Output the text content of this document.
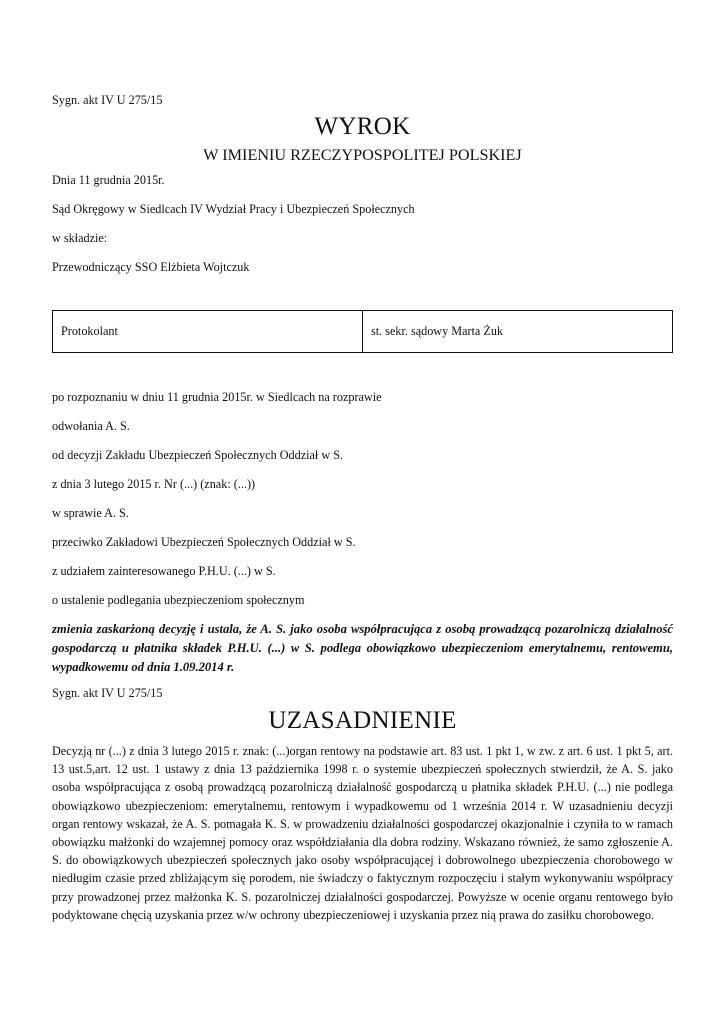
Sygn. akt IV U 275/15
WYROK
W IMIENIU RZECZYPOSPOLITEJ POLSKIEJ
Dnia 11 grudnia 2015r.
Sąd Okręgowy w Siedlcach IV Wydział Pracy i Ubezpieczeń Społecznych
w składzie:
Przewodniczący SSO Elżbieta Wojtczuk
Protokolant	st. sekr. sądowy Marta Żuk
po rozpoznaniu w dniu 11 grudnia 2015r. w Siedlcach na rozprawie
odwołania A. S.
od decyzji Zakładu Ubezpieczeń Społecznych Oddział w S.
z dnia 3 lutego 2015 r. Nr (...) (znak: (...))
w sprawie A. S.
przeciwko Zakładowi Ubezpieczeń Społecznych Oddział w S.
z udziałem zainteresowanego P.H.U. (...) w S.
o ustalenie podlegania ubezpieczeniom społecznym
zmienia zaskarżoną decyzję i ustala, że A. S. jako osoba współpracująca z osobą prowadzącą pozarolniczą działalność gospodarczą u płatnika składek P.H.U. (...) w S. podlega obowiązkowo ubezpieczeniom emerytalnemu, rentowemu, wypadkowemu od dnia 1.09.2014 r.
Sygn. akt IV U 275/15
UZASADNIENIE
Decyzją nr (...) z dnia 3 lutego 2015 r. znak: (...)organ rentowy na podstawie art. 83 ust. 1 pkt 1, w zw. z art. 6 ust. 1 pkt 5, art. 13 ust.5,art. 12 ust. 1 ustawy z dnia 13 października 1998 r. o systemie ubezpieczeń społecznych stwierdził, że A. S. jako osoba współpracująca z osobą prowadzącą pozarolniczą działalność gospodarczą u płatnika składek P.H.U. (...) nie podlega obowiązkowo ubezpieczeniom: emerytalnemu, rentowym i wypadkowemu od 1 września 2014 r. W uzasadnieniu decyzji organ rentowy wskazał, że A. S. pomagała K. S. w prowadzeniu działalności gospodarczej okazjonalnie i czyniła to w ramach obowiązku małżonki do wzajemnej pomocy oraz współdziałania dla dobra rodziny. Wskazano również, że samo zgłoszenie A. S. do obowiązkowych ubezpieczeń społecznych jako osoby współpracującej i dobrowolnego ubezpieczenia chorobowego w niedługim czasie przed zbliżającym się porodem, nie świadczy o faktycznym rozpoczęciu i stałym wykonywaniu współpracy przy prowadzonej przez małżonka K. S. pozarolniczej działalności gospodarczej. Powyższe w ocenie organu rentowego było podyktowane chęcią uzyskania przez w/w ochrony ubezpieczeniowej i uzyskania przez nią prawa do zasiłku chorobowego.
